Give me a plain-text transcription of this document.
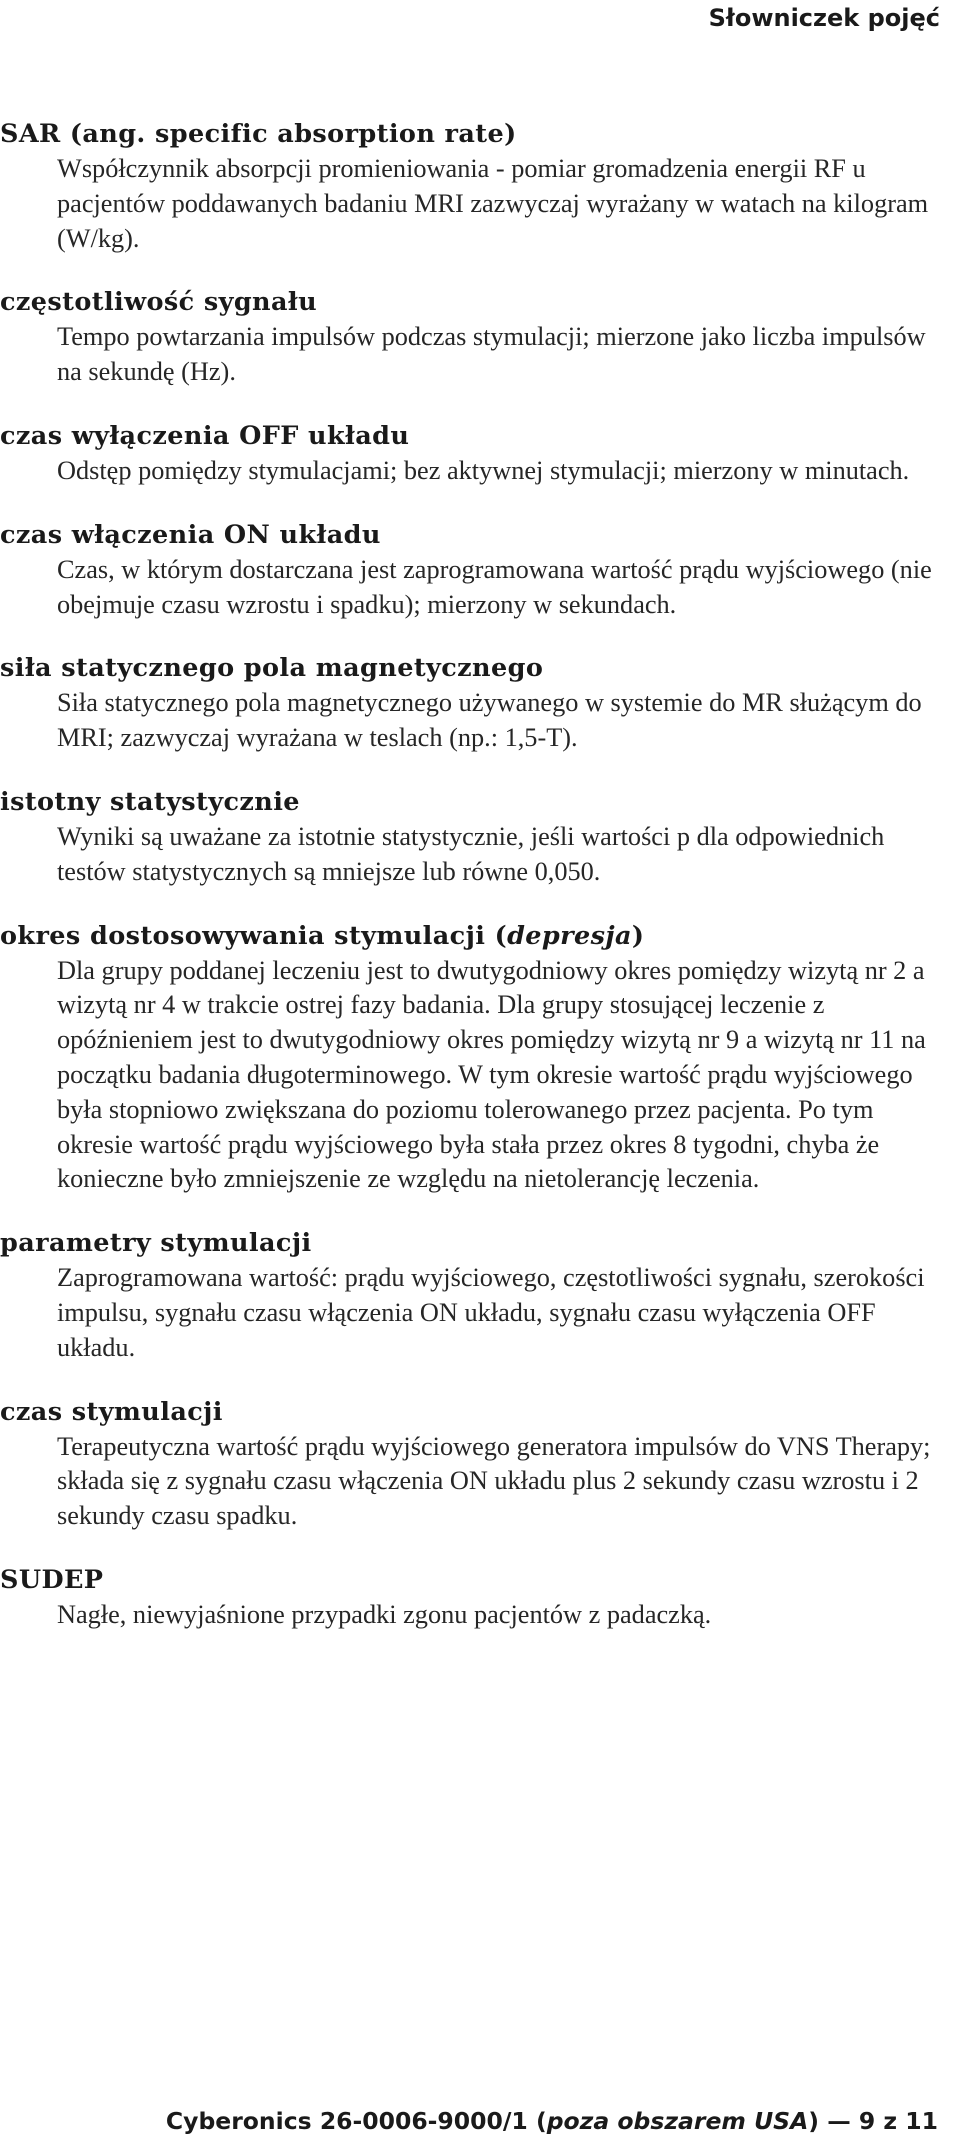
Słowniczek pojęć
SAR (ang. specific absorption rate)
Współczynnik absorpcji promieniowania - pomiar gromadzenia energii RF u pacjentów poddawanych badaniu MRI zazwyczaj wyrażany w watach na kilogram (W/kg).
częstotliwość sygnału
Tempo powtarzania impulsów podczas stymulacji; mierzone jako liczba impulsów na sekundę (Hz).
czas wyłączenia OFF układu
Odstęp pomiędzy stymulacjami; bez aktywnej stymulacji; mierzony w minutach.
czas włączenia ON układu
Czas, w którym dostarczana jest zaprogramowana wartość prądu wyjściowego (nie obejmuje czasu wzrostu i spadku); mierzony w sekundach.
siła statycznego pola magnetycznego
Siła statycznego pola magnetycznego używanego w systemie do MR służącym do MRI; zazwyczaj wyrażana w teslach (np.: 1,5-T).
istotny statystycznie
Wyniki są uważane za istotnie statystycznie, jeśli wartości p dla odpowiednich testów statystycznych są mniejsze lub równe 0,050.
okres dostosowywania stymulacji (depresja)
Dla grupy poddanej leczeniu jest to dwutygodniowy okres pomiędzy wizytą nr 2 a wizytą nr 4 w trakcie ostrej fazy badania. Dla grupy stosującej leczenie z opóźnieniem jest to dwutygodniowy okres pomiędzy wizytą nr 9 a wizytą nr 11 na początku badania długoterminowego. W tym okresie wartość prądu wyjściowego była stopniowo zwiększana do poziomu tolerowanego przez pacjenta. Po tym okresie wartość prądu wyjściowego była stała przez okres 8 tygodni, chyba że konieczne było zmniejszenie ze względu na nietolerancję leczenia.
parametry stymulacji
Zaprogramowana wartość: prądu wyjściowego, częstotliwości sygnału, szerokości impulsu, sygnału czasu włączenia ON układu, sygnału czasu wyłączenia OFF układu.
czas stymulacji
Terapeutyczna wartość prądu wyjściowego generatora impulsów do VNS Therapy; składa się z sygnału czasu włączenia ON układu plus 2 sekundy czasu wzrostu i 2 sekundy czasu spadku.
SUDEP
Nagłe, niewyjaśnione przypadki zgonu pacjentów z padaczką.
Cyberonics 26-0006-9000/1 (poza obszarem USA) — 9 z 11
